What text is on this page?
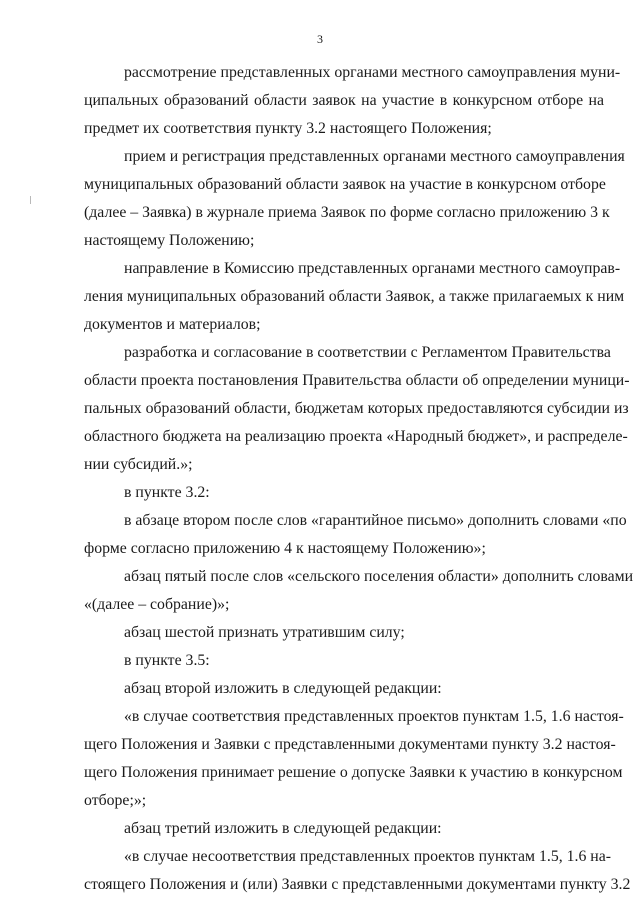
3
рассмотрение представленных органами местного самоуправления муни-
ципальных образований области заявок на участие в конкурсном отборе на
предмет их соответствия пункту 3.2 настоящего Положения;
прием и регистрация представленных органами местного самоуправления
муниципальных образований области заявок на участие в конкурсном отборе
(далее – Заявка) в журнале приема Заявок по форме согласно приложению 3 к
настоящему Положению;
направление в Комиссию представленных органами местного самоуправ-
ления муниципальных образований области Заявок, а также прилагаемых к ним
документов и материалов;
разработка и согласование в соответствии с Регламентом Правительства
области проекта постановления Правительства области об определении муници-
пальных образований области, бюджетам которых предоставляются субсидии из
областного бюджета на реализацию проекта «Народный бюджет», и распределе-
нии субсидий.»;
в пункте 3.2:
в абзаце втором после слов «гарантийное письмо» дополнить словами «по
форме согласно приложению 4 к настоящему Положению»;
абзац пятый после слов «сельского поселения области» дополнить словами
«(далее – собрание)»;
абзац шестой признать утратившим силу;
в пункте 3.5:
абзац второй изложить в следующей редакции:
«в случае соответствия представленных проектов пунктам 1.5, 1.6 настоя-
щего Положения и Заявки с представленными документами пункту 3.2 настоя-
щего Положения принимает решение о допуске Заявки к участию в конкурсном
отборе;»;
абзац третий изложить в следующей редакции:
«в случае несоответствия представленных проектов пунктам 1.5, 1.6 на-
стоящего Положения и (или) Заявки с представленными документами пункту 3.2
